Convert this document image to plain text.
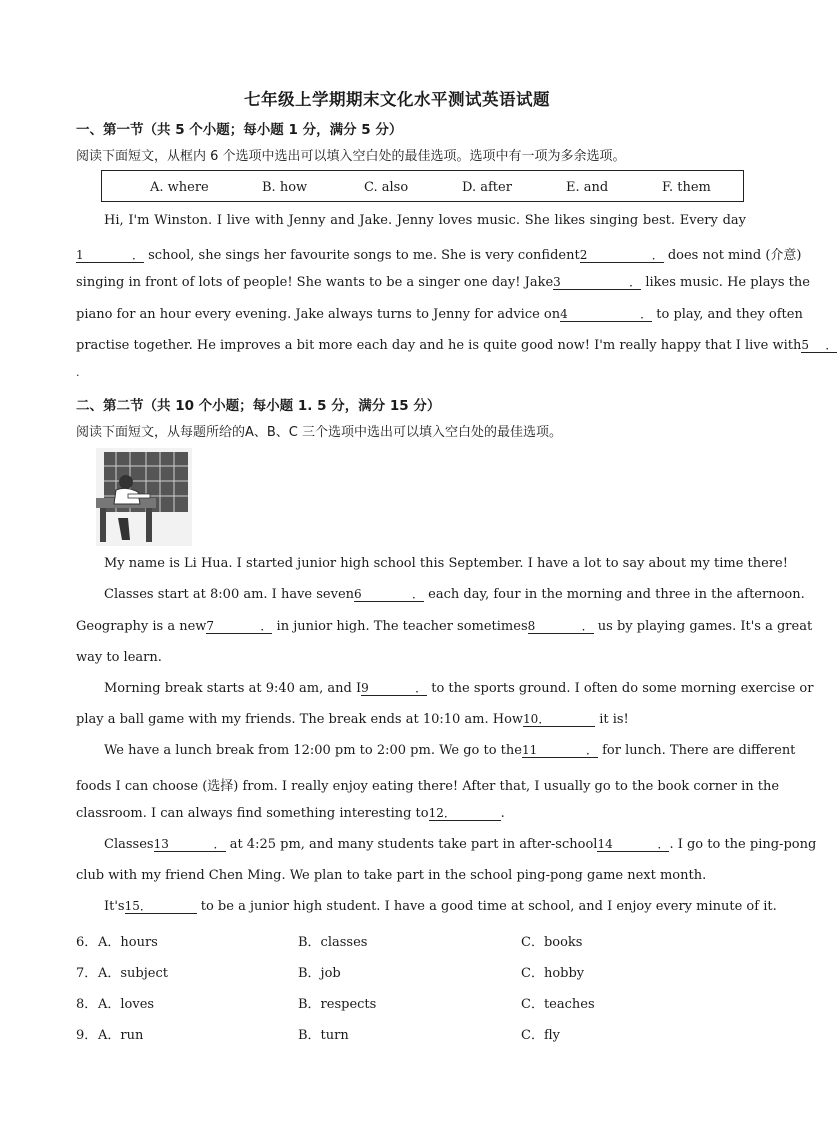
七年级上学期期末文化水平测试英语试题
一、第一节（共 5 个小题；每小题 1 分，满分 5 分）
阅读下面短文，从框内 6 个选项中选出可以填入空白处的最佳选项。选项中有一项为多余选项。
A. where	B. how	C. also	D. after	E. and	F. them
Hi, I'm Winston. I live with Jenny and Jake. Jenny loves music. She likes singing best. Every day
1． school, she sings her favourite songs to me. She is very confident2． does not mind (介意)
singing in front of lots of people! She wants to be a singer one day! Jake3． likes music. He plays the
piano for an hour every evening. Jake always turns to Jenny for advice on4． to play, and they often
practise together. He improves a bit more each day and he is quite good now! I'm really happy that I live with5．
.
二、第二节（共 10 个小题；每小题 1. 5 分，满分 15 分）
阅读下面短文，从每题所给的A、B、C 三个选项中选出可以填入空白处的最佳选项。
My name is Li Hua. I started junior high school this September. I have a lot to say about my time there!
Classes start at 8:00 am. I have seven6． each day, four in the morning and three in the afternoon.
Geography is a new7． in junior high. The teacher sometimes8． us by playing games. It's a great
way to learn.
Morning break starts at 9:40 am, and I9． to the sports ground. I often do some morning exercise or
play a ball game with my friends. The break ends at 10:10 am. How10．	it is!
We have a lunch break from 12:00 pm to 2:00 pm. We go to the11． for lunch. There are different
foods I can choose (选择) from. I really enjoy eating there! After that, I usually go to the book corner in the
classroom. I can always find something interesting to12．	.
Classes13． at 4:25 pm, and many students take part in after-school14．. I go to the ping-pong
club with my friend Chen Ming. We plan to take part in the school ping-pong game next month.
It's15．	to be a junior high student. I have a good time at school, and I enjoy every minute of it.
6． A．hours	B．classes	C．books
7． A．subject	B．job	C．hobby
8． A．loves	B．respects	C．teaches
9． A．run	B．turn	C．fly
